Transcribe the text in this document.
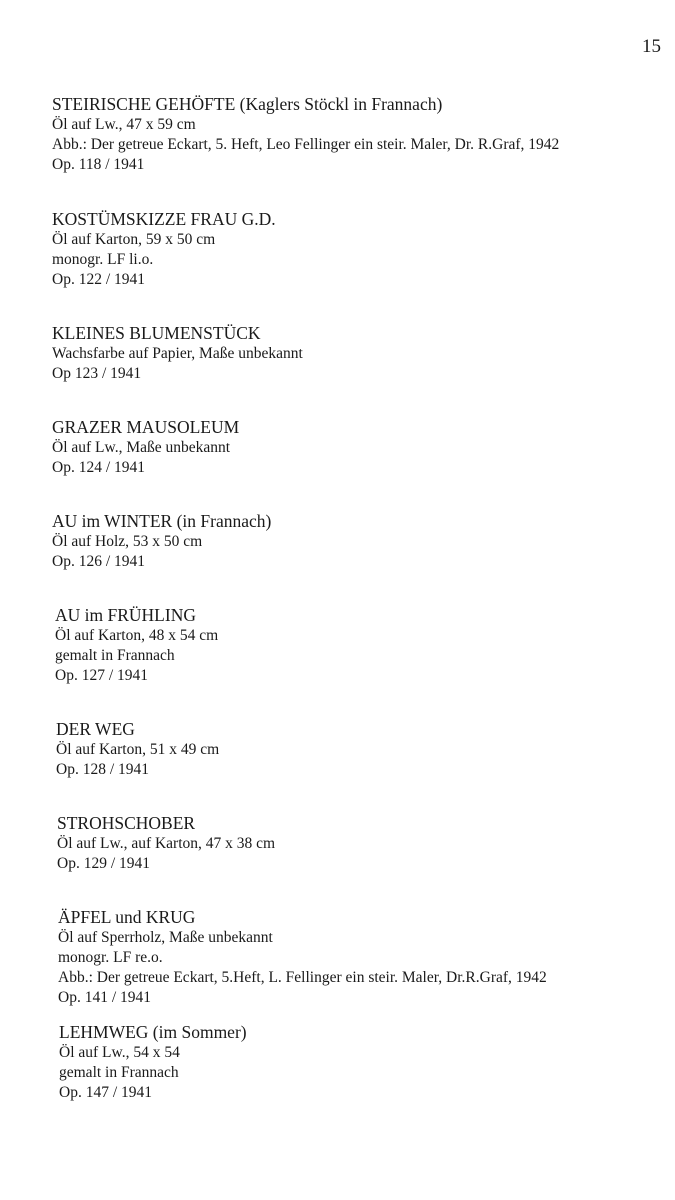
15
STEIRISCHE GEHÖFTE (Kaglers Stöckl in Frannach)
Öl auf Lw., 47 x 59 cm
Abb.: Der getreue Eckart, 5. Heft, Leo Fellinger ein steir. Maler, Dr. R.Graf, 1942
Op. 118 / 1941
KOSTÜMSKIZZE FRAU G.D.
Öl auf Karton, 59 x 50 cm
monogr. LF li.o.
Op. 122 / 1941
KLEINES BLUMENSTÜCK
Wachsfarbe auf Papier, Maße unbekannt
Op 123 / 1941
GRAZER MAUSOLEUM
Öl auf Lw., Maße unbekannt
Op. 124 / 1941
AU im WINTER (in Frannach)
Öl auf Holz, 53 x 50 cm
Op. 126 / 1941
AU im FRÜHLING
Öl auf Karton, 48 x 54 cm
gemalt in Frannach
Op. 127 / 1941
DER WEG
Öl auf Karton, 51 x 49 cm
Op. 128 / 1941
STROHSCHOBER
Öl auf Lw., auf Karton, 47 x 38 cm
Op. 129 / 1941
ÄPFEL und KRUG
Öl auf Sperrholz, Maße unbekannt
monogr. LF re.o.
Abb.: Der getreue Eckart, 5.Heft, L. Fellinger ein steir. Maler, Dr.R.Graf, 1942
Op. 141 / 1941
LEHMWEG (im Sommer)
Öl auf Lw., 54 x 54
gemalt in Frannach
Op. 147 / 1941
